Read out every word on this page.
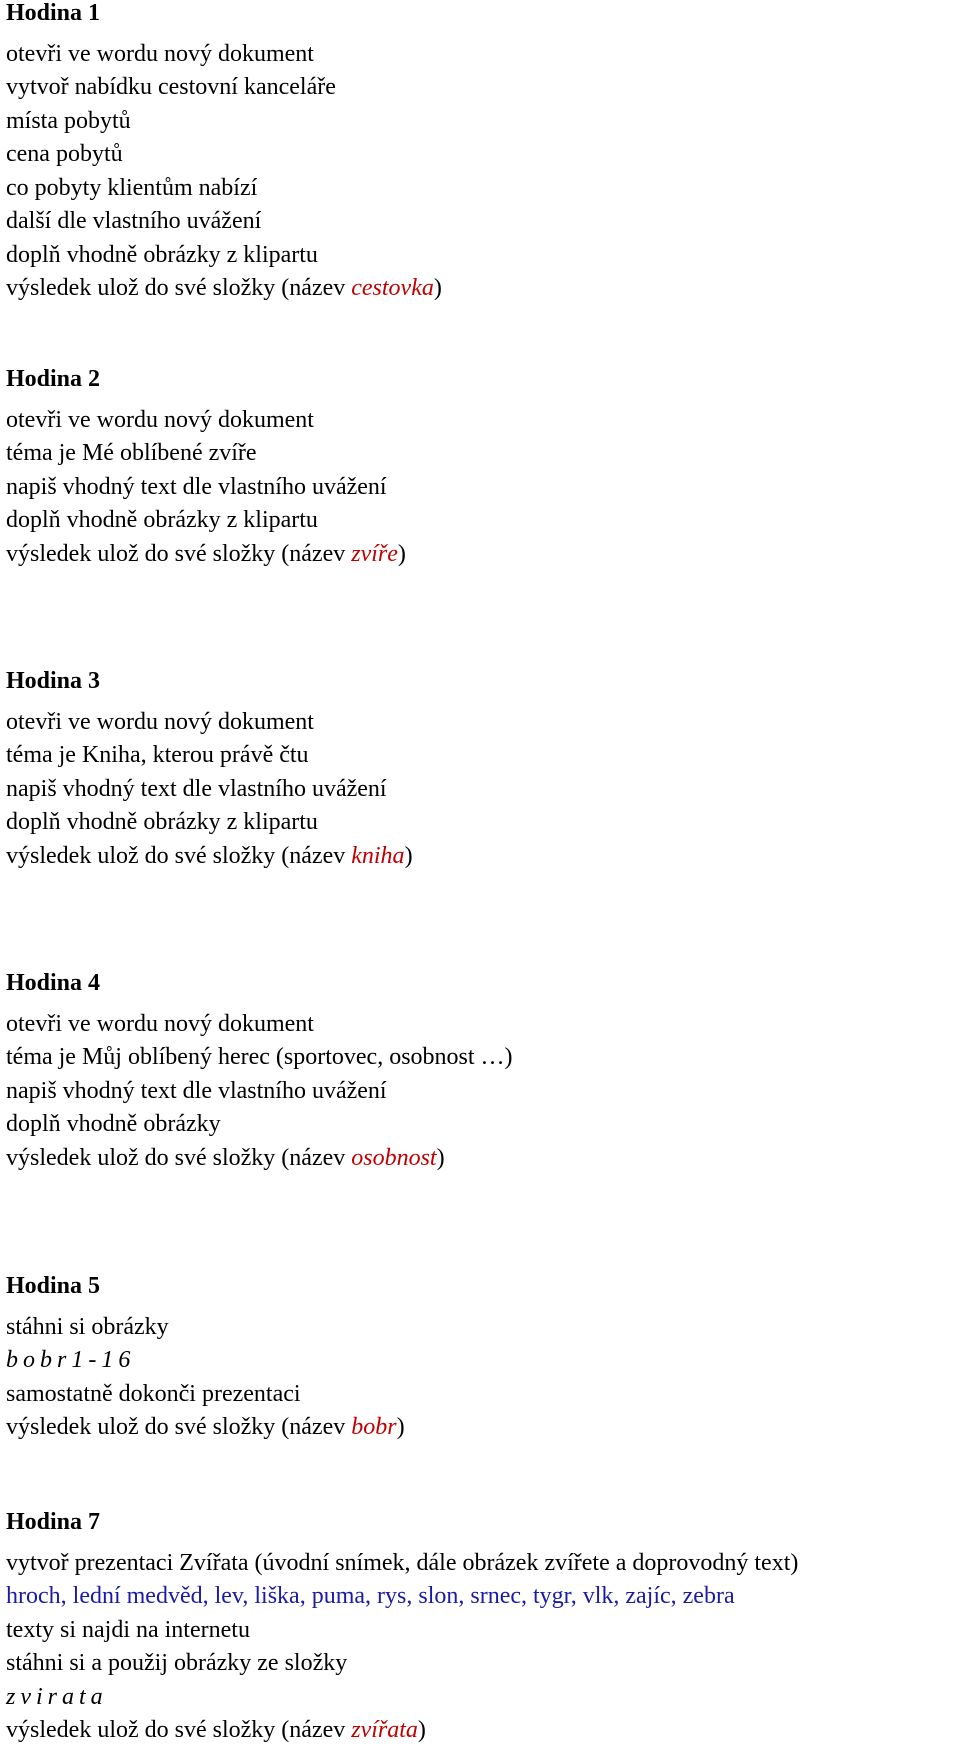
Hodina 1
otevři ve wordu nový dokument
vytvoř nabídku cestovní kanceláře
místa pobytů
cena pobytů
co pobyty klientům nabízí
další dle vlastního uvážení
doplň vhodně obrázky z klipartu
výsledek ulož do své složky (název cestovka)
Hodina 2
otevři ve wordu nový dokument
téma je Mé oblíbené zvíře
napiš vhodný text dle vlastního uvážení
doplň vhodně obrázky z klipartu
výsledek ulož do své složky (název zvíře)
Hodina 3
otevři ve wordu nový dokument
téma je Kniha, kterou právě čtu
napiš vhodný text dle vlastního uvážení
doplň vhodně obrázky z klipartu
výsledek ulož do své složky (název kniha)
Hodina 4
otevři ve wordu nový dokument
téma je Můj oblíbený herec (sportovec, osobnost …)
napiš vhodný text dle vlastního uvážení
doplň vhodně obrázky
výsledek ulož do své složky (název osobnost)
Hodina 5
stáhni si obrázky
bobr1-16
samostatně dokonči prezentaci
výsledek ulož do své složky (název bobr)
Hodina 7
vytvoř prezentaci Zvířata (úvodní snímek, dále obrázek zvířete a doprovodný text)
hroch, lední medvěd, lev, liška, puma, rys, slon, srnec, tygr, vlk, zajíc, zebra
texty si najdi na internetu
stáhni si a použij obrázky ze složky
zvirata
výsledek ulož do své složky (název zvířata)
